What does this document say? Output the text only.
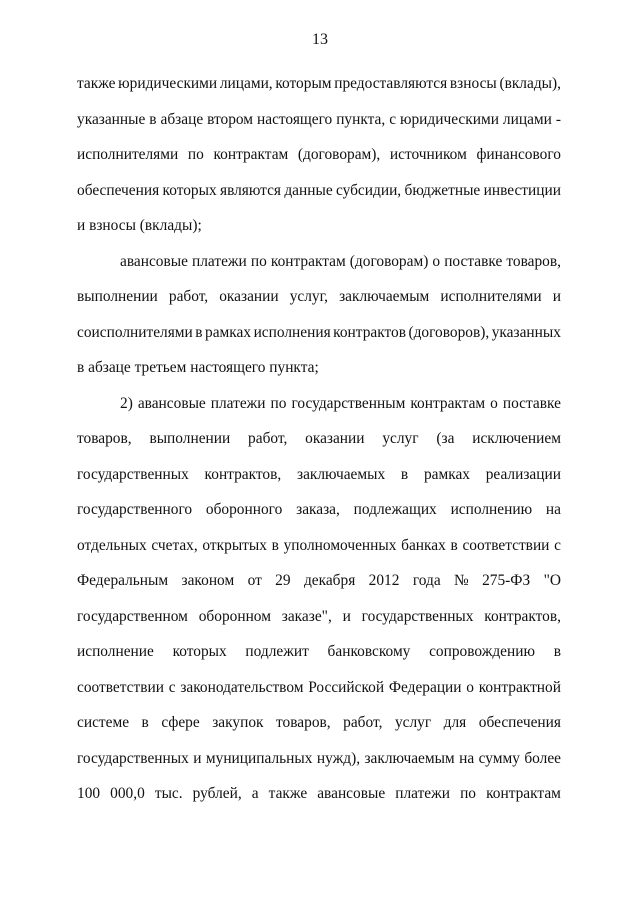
13
также юридическими лицами, которым предоставляются взносы (вклады),
указанные в абзаце втором настоящего пункта, с юридическими лицами -
исполнителями по контрактам (договорам), источником финансового
обеспечения которых являются данные субсидии, бюджетные инвестиции
и взносы (вклады);
авансовые платежи по контрактам (договорам) о поставке товаров,
выполнении работ, оказании услуг, заключаемым исполнителями и
соисполнителями в рамках исполнения контрактов (договоров), указанных
в абзаце третьем настоящего пункта;
2) авансовые платежи по государственным контрактам о поставке
товаров, выполнении работ, оказании услуг (за исключением
государственных контрактов, заключаемых в рамках реализации
государственного оборонного заказа, подлежащих исполнению на
отдельных счетах, открытых в уполномоченных банках в соответствии с
Федеральным законом от 29 декабря 2012 года № 275-ФЗ "О
государственном оборонном заказе", и государственных контрактов,
исполнение которых подлежит банковскому сопровождению в
соответствии с законодательством Российской Федерации о контрактной
системе в сфере закупок товаров, работ, услуг для обеспечения
государственных и муниципальных нужд), заключаемым на сумму более
100 000,0 тыс. рублей, а также авансовые платежи по контрактам
